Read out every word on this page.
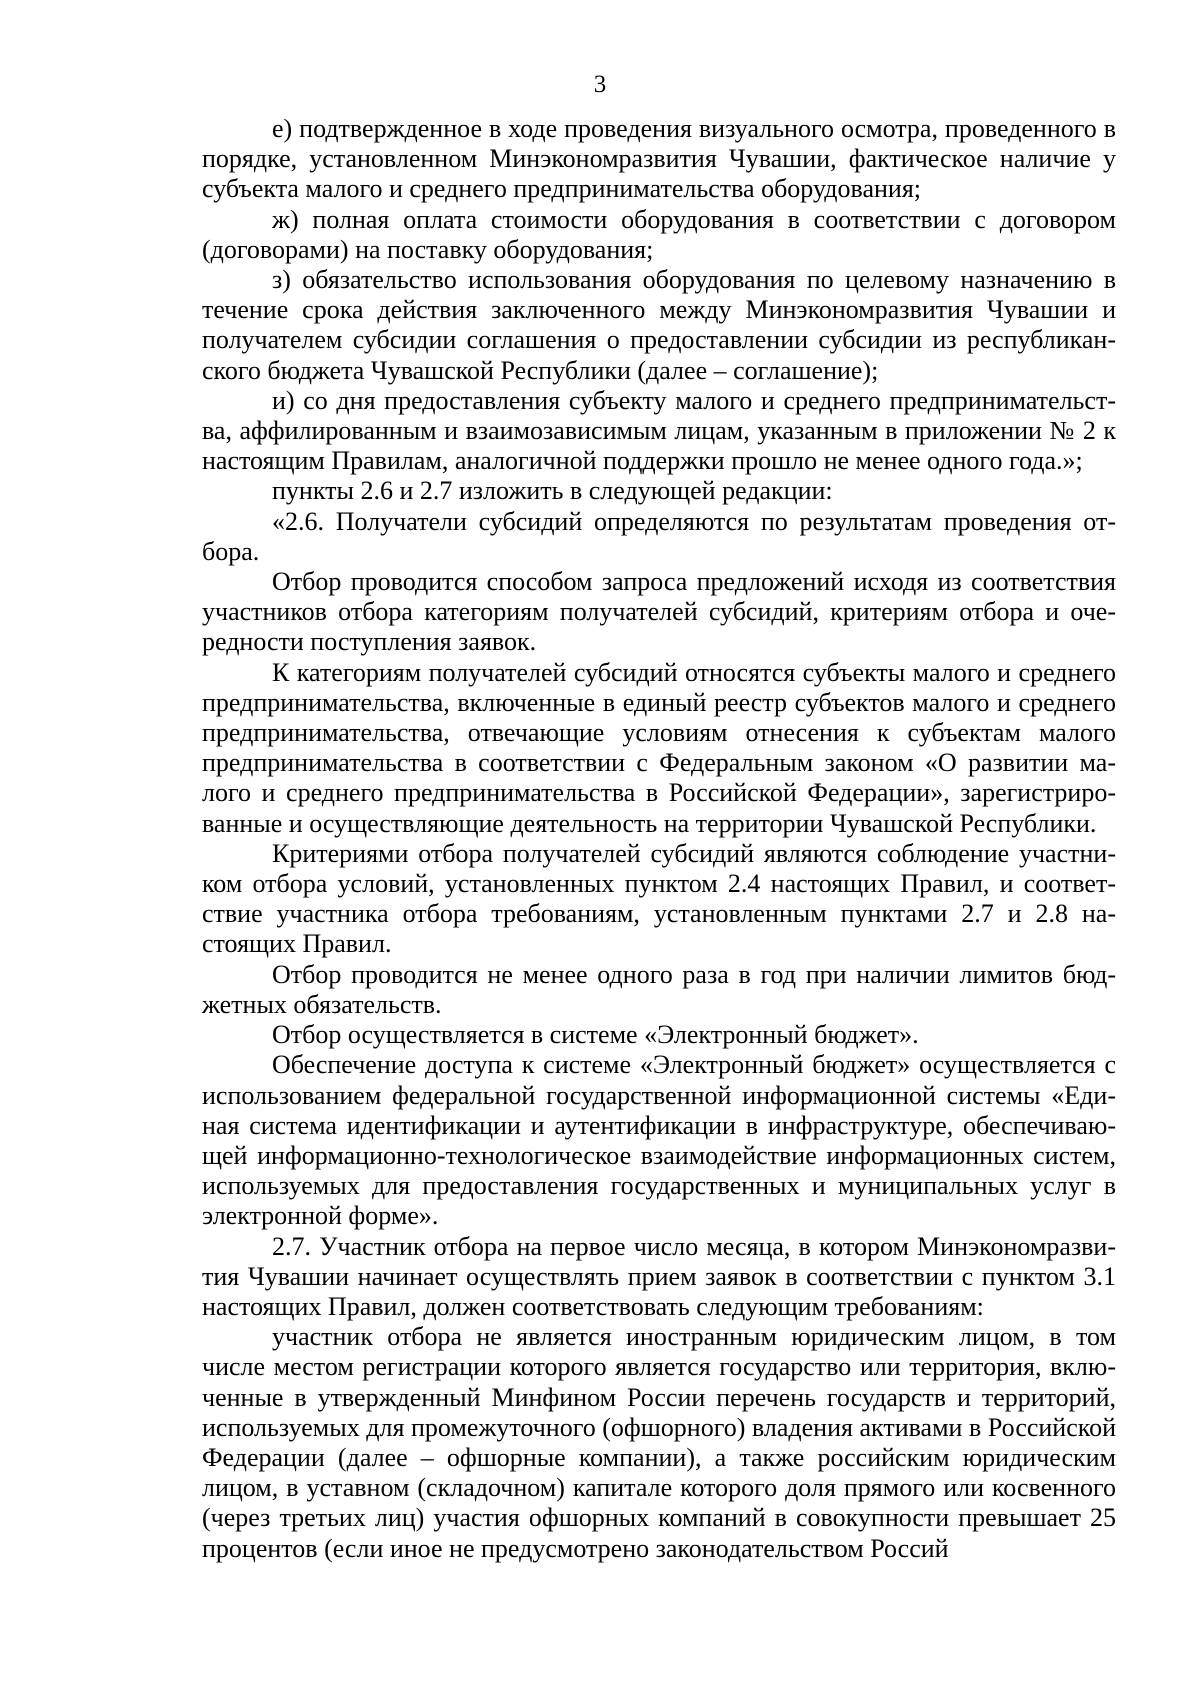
3

е) подтвержденное в ходе проведения визуального осмотра, проведенного в порядке, установленном Минэкономразвития Чувашии, фактическое наличие у субъекта малого и среднего предпринимательства оборудования;

ж) полная оплата стоимости оборудования в соответствии с договором (договорами) на поставку оборудования;

з) обязательство использования оборудования по целевому назначению в течение срока действия заключенного между Минэкономразвития Чувашии и получателем субсидии соглашения о предоставлении субсидии из республиканского бюджета Чувашской Республики (далее – соглашение);

и) со дня предоставления субъекту малого и среднего предпринимательства, аффилированным и взаимозависимым лицам, указанным в приложении № 2 к настоящим Правилам, аналогичной поддержки прошло не менее одного года.»;

пункты 2.6 и 2.7 изложить в следующей редакции:

«2.6. Получатели субсидий определяются по результатам проведения отбора.

Отбор проводится способом запроса предложений исходя из соответствия участников отбора категориям получателей субсидий, критериям отбора и очередности поступления заявок.

К категориям получателей субсидий относятся субъекты малого и среднего предпринимательства, включенные в единый реестр субъектов малого и среднего предпринимательства, отвечающие условиям отнесения к субъектам малого предпринимательства в соответствии с Федеральным законом «О развитии малого и среднего предпринимательства в Российской Федерации», зарегистрированные и осуществляющие деятельность на территории Чувашской Республики.

Критериями отбора получателей субсидий являются соблюдение участником отбора условий, установленных пунктом 2.4 настоящих Правил, и соответствие участника отбора требованиям, установленным пунктами 2.7 и 2.8 настоящих Правил.

Отбор проводится не менее одного раза в год при наличии лимитов бюджетных обязательств.

Отбор осуществляется в системе «Электронный бюджет».

Обеспечение доступа к системе «Электронный бюджет» осуществляется с использованием федеральной государственной информационной системы «Единая система идентификации и аутентификации в инфраструктуре, обеспечивающей информационно-технологическое взаимодействие информационных систем, используемых для предоставления государственных и муниципальных услуг в электронной форме».

2.7. Участник отбора на первое число месяца, в котором Минэкономразвития Чувашии начинает осуществлять прием заявок в соответствии с пунктом 3.1 настоящих Правил, должен соответствовать следующим требованиям:

участник отбора не является иностранным юридическим лицом, в том числе местом регистрации которого является государство или территория, включенные в утвержденный Минфином России перечень государств и территорий, используемых для промежуточного (офшорного) владения активами в Российской Федерации (далее – офшорные компании), а также российским юридическим лицом, в уставном (складочном) капитале которого доля прямого или косвенного (через третьих лиц) участия офшорных компаний в совокупности превышает 25 процентов (если иное не предусмотрено законодательством Россий
